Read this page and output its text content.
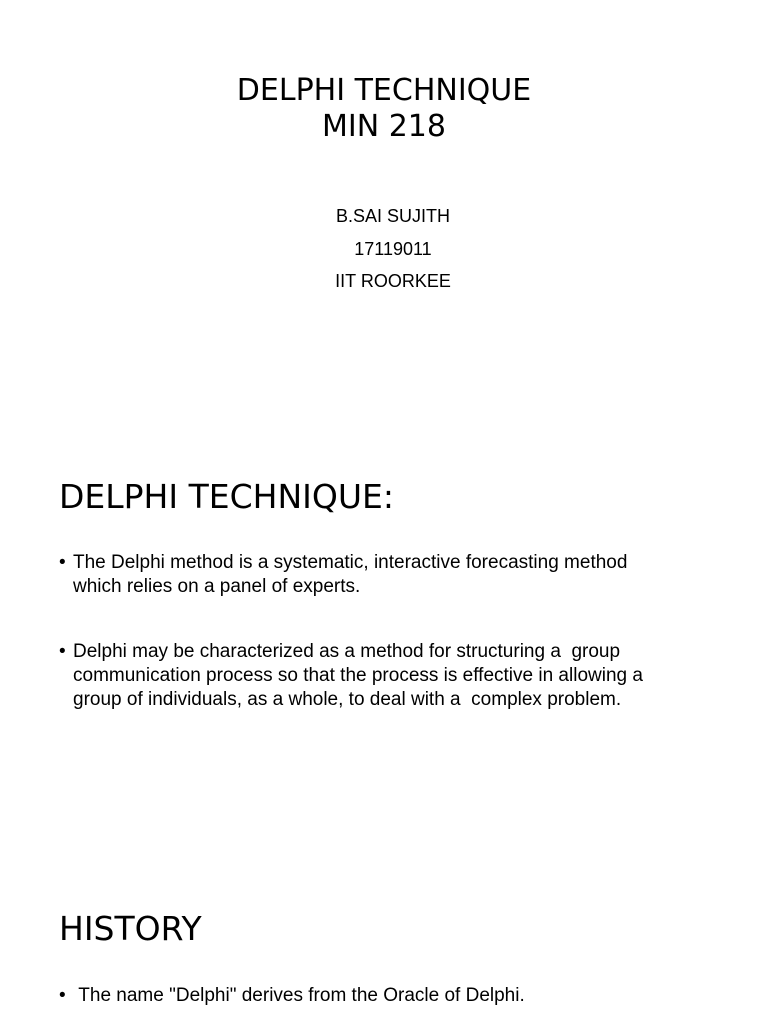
DELPHI TECHNIQUE
MIN 218
B.SAI SUJITH
17119011
IIT ROORKEE
DELPHI TECHNIQUE:
• The Delphi method is a systematic, interactive forecasting method
which relies on a panel of experts.
• Delphi may be characterized as a method for structuring a  group
communication process so that the process is effective in allowing a
group of individuals, as a whole, to deal with a  complex problem.
HISTORY
• The name "Delphi" derives from the Oracle of Delphi.
